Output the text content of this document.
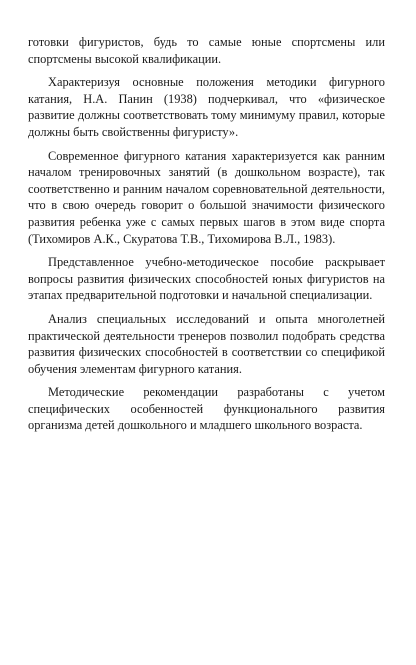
готовки фигуристов, будь то самые юные спортсмены или спортсмены высокой квалификации.

Характеризуя основные положения методики фигурного катания, Н.А. Панин (1938) подчеркивал, что «физическое развитие должны соответствовать тому минимуму правил, которые должны быть свойственны фигуристу».

Современное фигурного катания характеризуется как ранним началом тренировочных занятий (в дошкольном возрасте), так соответственно и ранним началом соревновательной деятельности, что в свою очередь говорит о большой значимости физического развития ребенка уже с самых первых шагов в этом виде спорта (Тихомиров А.К., Скуратова Т.В., Тихомирова В.Л., 1983).

Представленное учебно-методическое пособие раскрывает вопросы развития физических способностей юных фигуристов на этапах предварительной подготовки и начальной специализации.

Анализ специальных исследований и опыта многолетней практической деятельности тренеров позволил подобрать средства развития физических способностей в соответствии со спецификой обучения элементам фигурного катания.

Методические рекомендации разработаны с учетом специфических особенностей функционального развития организма детей дошкольного и младшего школьного возраста.
